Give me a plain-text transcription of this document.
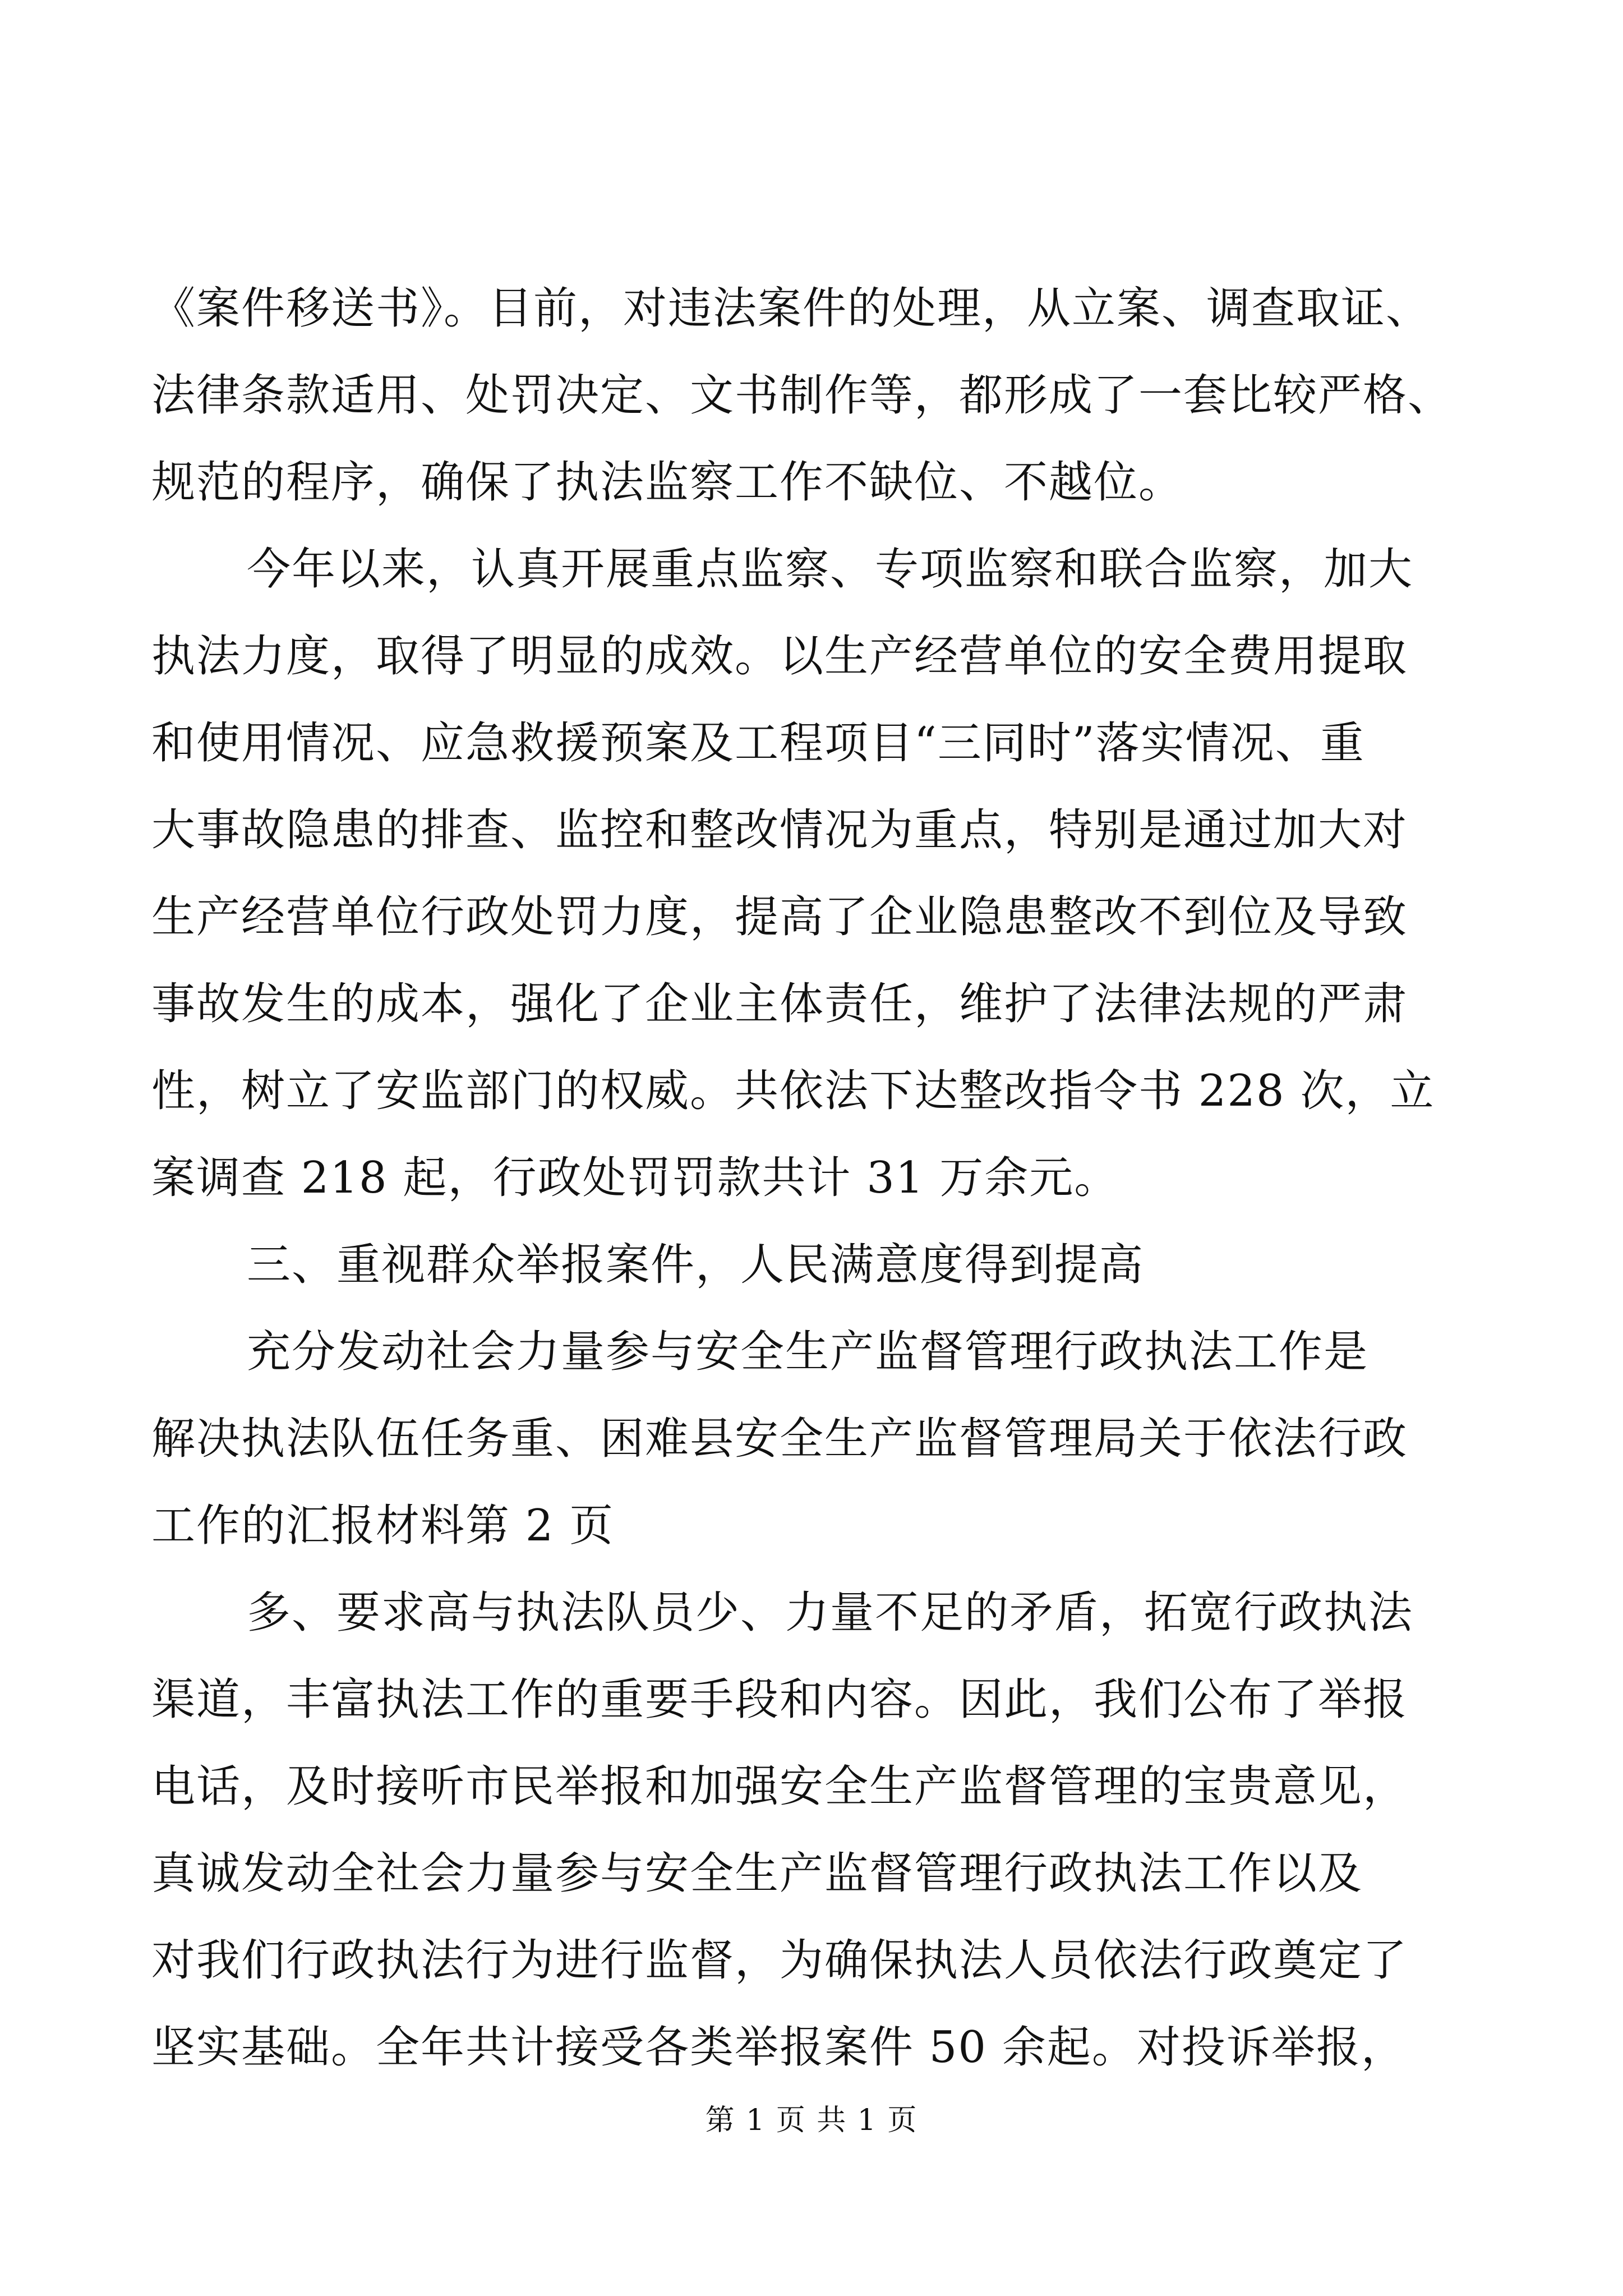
《案件移送书》。目前，对违法案件的处理，从立案、调查取证、
法律条款适用、处罚决定、文书制作等，都形成了一套比较严格、
规范的程序，确保了执法监察工作不缺位、不越位。
今年以来，认真开展重点监察、专项监察和联合监察，加大
执法力度，取得了明显的成效。以生产经营单位的安全费用提取
和使用情况、应急救援预案及工程项目“三同时”落实情况、重
大事故隐患的排查、监控和整改情况为重点，特别是通过加大对
生产经营单位行政处罚力度，提高了企业隐患整改不到位及导致
事故发生的成本，强化了企业主体责任，维护了法律法规的严肃
性，树立了安监部门的权威。共依法下达整改指令书 228 次，立
案调查 218 起，行政处罚罚款共计 31 万余元。
三、重视群众举报案件，人民满意度得到提高
充分发动社会力量参与安全生产监督管理行政执法工作是
解决执法队伍任务重、困难县安全生产监督管理局关于依法行政
工作的汇报材料第 2 页
多、要求高与执法队员少、力量不足的矛盾，拓宽行政执法
渠道，丰富执法工作的重要手段和内容。因此，我们公布了举报
电话，及时接听市民举报和加强安全生产监督管理的宝贵意见，
真诚发动全社会力量参与安全生产监督管理行政执法工作以及
对我们行政执法行为进行监督，为确保执法人员依法行政奠定了
坚实基础。全年共计接受各类举报案件 50 余起。对投诉举报，
第 1 页 共 1 页
